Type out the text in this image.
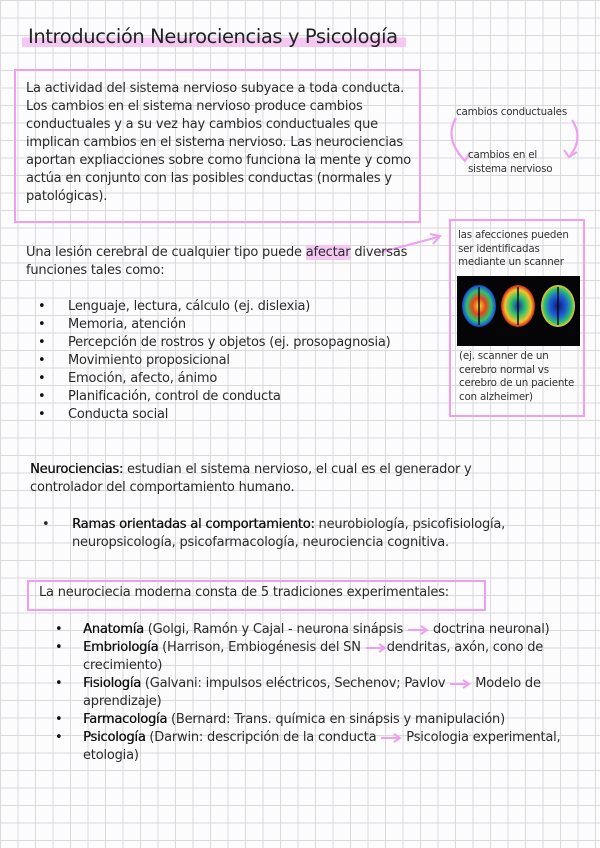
Introducción Neurociencias y Psicología
La actividad del sistema nervioso subyace a toda conducta. Los cambios en el sistema nervioso produce cambios conductuales y a su vez hay cambios conductuales que implican cambios en el sistema nervioso. Las neurociencias aportan expliacciones sobre como funciona la mente y como actúa en conjunto con las posibles conductas (normales y patológicas).
cambios conductuales
cambios en el sistema nervioso
las afecciones pueden ser identificadas mediante un scanner
(ej. scanner de un cerebro normal vs cerebro de un paciente con alzheimer)
Una lesión cerebral de cualquier tipo puede afectar diversas funciones tales como:
• Lenguaje, lectura, cálculo (ej. dislexia)
• Memoria, atención
• Percepción de rostros y objetos (ej. prosopagnosia)
• Movimiento proposicional
• Emoción, afecto, ánimo
• Planificación, control de conducta
• Conducta social
Neurociencias: estudian el sistema nervioso, el cual es el generador y controlador del comportamiento humano.
• Ramas orientadas al comportamiento: neurobiología, psicofisiología, neuropsicología, psicofarmacología, neurociencia cognitiva.
La neurociecia moderna consta de 5 tradiciones experimentales:
• Anatomía (Golgi, Ramón y Cajal - neurona sinápsis  doctrina neuronal)
• Embriología (Harrison, Embiogénesis del SN dendritas, axón, cono de crecimiento)
• Fisiología (Galvani: impulsos eléctricos, Sechenov; Pavlov  Modelo de aprendizaje)
• Farmacología (Bernard: Trans. química en sinápsis y manipulación)
• Psicología (Darwin: descripción de la conducta  Psicologia experimental, etologia)
